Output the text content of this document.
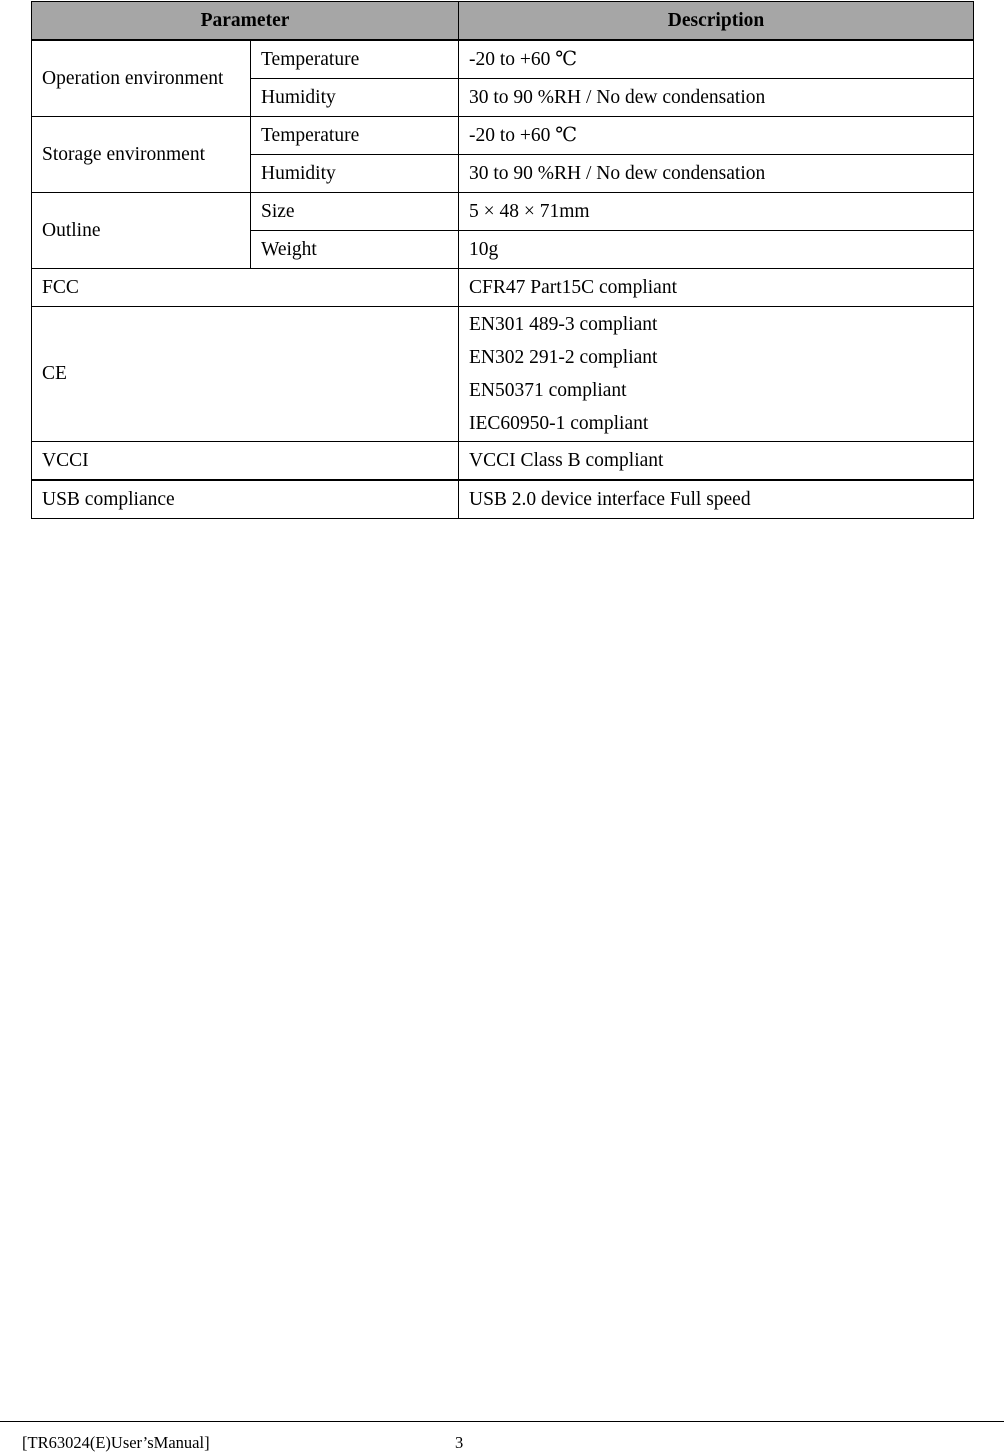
Parameter		Description
Operation environment	Temperature	-20 to +60 ℃
	Humidity	30 to 90 %RH / No dew condensation
Storage environment	Temperature	-20 to +60 ℃
	Humidity	30 to 90 %RH / No dew condensation
Outline	Size	5 × 48 × 71mm
	Weight	10g
FCC		CFR47 Part15C compliant
CE		EN301 489-3 compliant
EN302 291-2 compliant
EN50371 compliant
IEC60950-1 compliant

VCCI		VCCI Class B compliant
USB compliance		USB 2.0 device interface Full speed
[TR63024(E)User’sManual]	3
